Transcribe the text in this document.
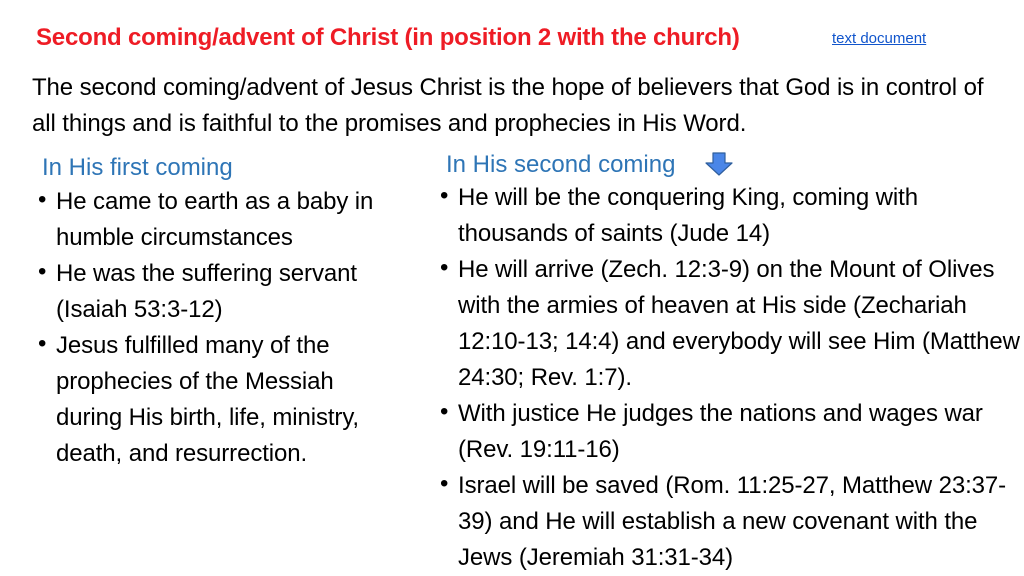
Second coming/advent of Christ (in position 2 with the church)	text document
The second coming/advent of Jesus Christ is the hope of believers that God is in control of all things and is faithful to the promises and prophecies in His Word.
In His first coming
• He came to earth as a baby in humble circumstances
• He was the suffering servant (Isaiah 53:3-12)
• Jesus fulfilled many of the prophecies of the Messiah during His birth, life, ministry, death, and resurrection.
In His second coming
• He will be the conquering King, coming with thousands of saints (Jude 14)
• He will arrive (Zech. 12:3-9) on the Mount of Olives with the armies of heaven at His side (Zechariah 12:10-13; 14:4) and everybody will see Him (Matthew 24:30; Rev. 1:7).
• With justice He judges the nations and wages war (Rev. 19:11-16)
• Israel will be saved (Rom. 11:25-27, Matthew 23:37-39) and He will establish a new covenant with the Jews (Jeremiah 31:31-34)
